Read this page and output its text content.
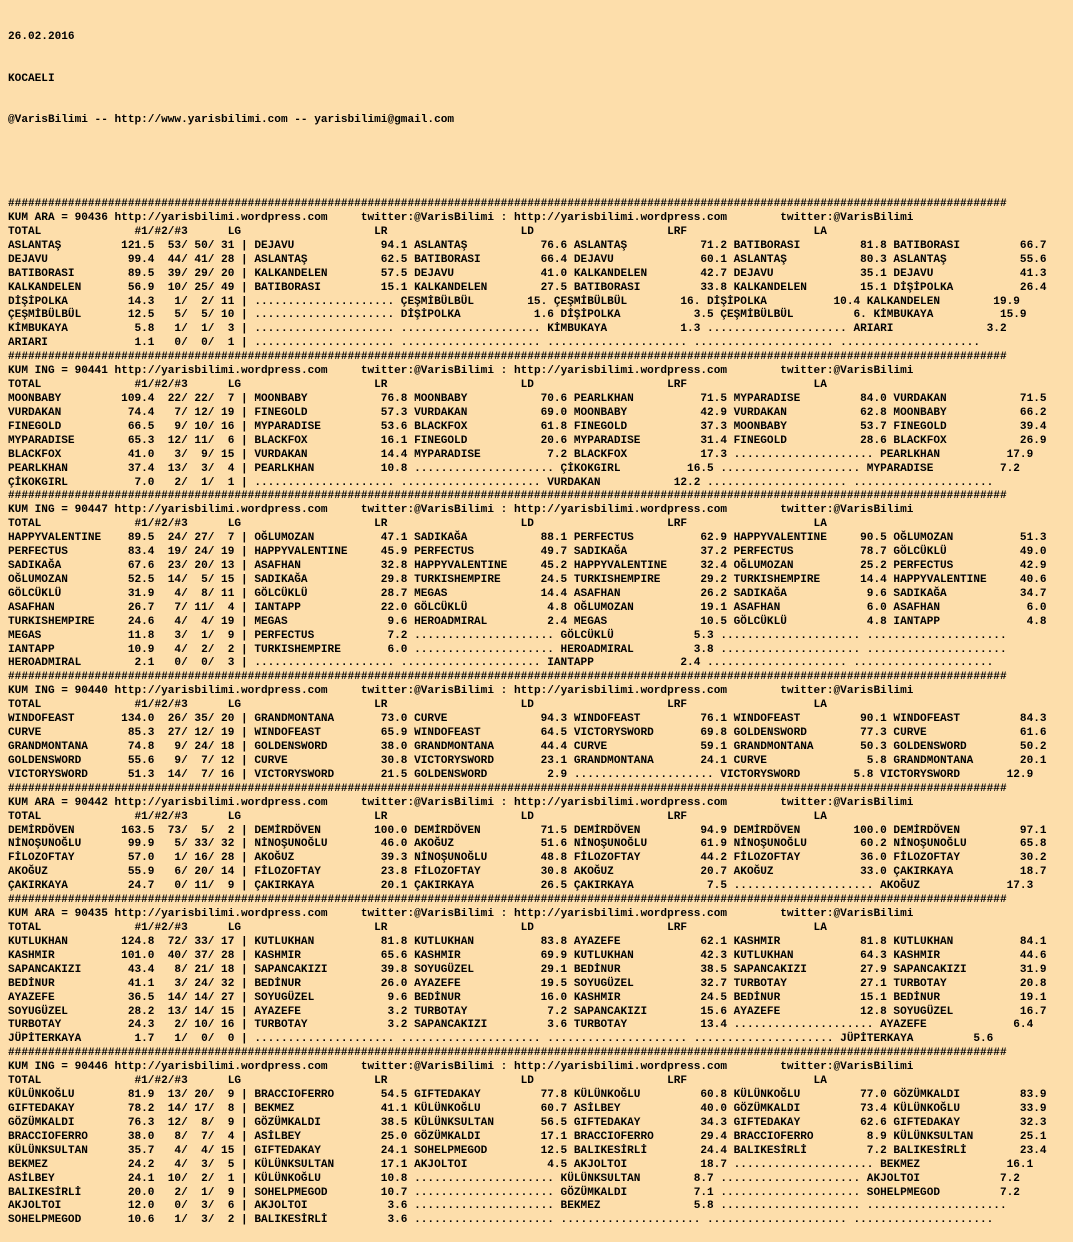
26.02.2016

KOCAELI

@VarisBilimi -- http://www.yarisbilimi.com -- yarisbilimi@gmail.com

######################################################################################################################################################
KUM ARA = 90436 http://yarisbilimi.wordpress.com     twitter:@VarisBilimi : http://yarisbilimi.wordpress.com        twitter:@VarisBilimi
TOTAL              #1/#2/#3      LG                    LR                    LD                    LRF                   LA
ASLANTAŞ         121.5  53/ 50/ 31 | DEJAVU             94.1 ASLANTAŞ           76.6 ASLANTAŞ           71.2 BATIBORASI         81.8 BATIBORASI         66.7
DEJAVU            99.4  44/ 41/ 28 | ASLANTAŞ           62.5 BATIBORASI         66.4 DEJAVU             60.1 ASLANTAŞ           80.3 ASLANTAŞ           55.6
BATIBORASI        89.5  39/ 29/ 20 | KALKANDELEN        57.5 DEJAVU             41.0 KALKANDELEN        42.7 DEJAVU             35.1 DEJAVU             41.3
KALKANDELEN       56.9  10/ 25/ 49 | BATIBORASI         15.1 KALKANDELEN        27.5 BATIBORASI         33.8 KALKANDELEN        15.1 DİŞİPOLKA          26.4
DİŞİPOLKA         14.3   1/  2/ 11 | ..................... ÇEŞMİBÜLBÜL        15. ÇEŞMİBÜLBÜL        16. DİŞİPOLKA          10.4 KALKANDELEN        19.9
ÇEŞMİBÜLBÜL       12.5   5/  5/ 10 | ..................... DİŞİPOLKA           1.6 DİŞİPOLKA           3.5 ÇEŞMİBÜLBÜL         6. KİMBUKAYA          15.9
KİMBUKAYA          5.8   1/  1/  3 | ..................... ..................... KİMBUKAYA           1.3 ..................... ARIARI              3.2
ARIARI             1.1   0/  0/  1 | ..................... ..................... ..................... ..................... .....................
######################################################################################################################################################
KUM ING = 90441 http://yarisbilimi.wordpress.com     twitter:@VarisBilimi : http://yarisbilimi.wordpress.com        twitter:@VarisBilimi
TOTAL              #1/#2/#3      LG                    LR                    LD                    LRF                   LA
MOONBABY         109.4  22/ 22/  7 | MOONBABY           76.8 MOONBABY           70.6 PEARLKHAN          71.5 MYPARADISE         84.0 VURDAKAN           71.5
VURDAKAN          74.4   7/ 12/ 19 | FINEGOLD           57.3 VURDAKAN           69.0 MOONBABY           42.9 VURDAKAN           62.8 MOONBABY           66.2
FINEGOLD          66.5   9/ 10/ 16 | MYPARADISE         53.6 BLACKFOX           61.8 FINEGOLD           37.3 MOONBABY           53.7 FINEGOLD           39.4
MYPARADISE        65.3  12/ 11/  6 | BLACKFOX           16.1 FINEGOLD           20.6 MYPARADISE         31.4 FINEGOLD           28.6 BLACKFOX           26.9
BLACKFOX          41.0   3/  9/ 15 | VURDAKAN           14.4 MYPARADISE          7.2 BLACKFOX           17.3 ..................... PEARLKHAN          17.9
PEARLKHAN         37.4  13/  3/  4 | PEARLKHAN          10.8 ..................... ÇİKOKGIRL          16.5 ..................... MYPARADISE          7.2
ÇİKOKGIRL          7.0   2/  1/  1 | ..................... ..................... VURDAKAN           12.2 ..................... .....................
######################################################################################################################################################
KUM ING = 90447 http://yarisbilimi.wordpress.com     twitter:@VarisBilimi : http://yarisbilimi.wordpress.com        twitter:@VarisBilimi
TOTAL              #1/#2/#3      LG                    LR                    LD                    LRF                   LA
HAPPYVALENTINE    89.5  24/ 27/  7 | OĞLUMOZAN          47.1 SADIKAĞA           88.1 PERFECTUS          62.9 HAPPYVALENTINE     90.5 OĞLUMOZAN          51.3
PERFECTUS         83.4  19/ 24/ 19 | HAPPYVALENTINE     45.9 PERFECTUS          49.7 SADIKAĞA           37.2 PERFECTUS          78.7 GÖLCÜKLÜ           49.0
SADIKAĞA          67.6  23/ 20/ 13 | ASAFHAN            32.8 HAPPYVALENTINE     45.2 HAPPYVALENTINE     32.4 OĞLUMOZAN          25.2 PERFECTUS          42.9
OĞLUMOZAN         52.5  14/  5/ 15 | SADIKAĞA           29.8 TURKISHEMPIRE      24.5 TURKISHEMPIRE      29.2 TURKISHEMPIRE      14.4 HAPPYVALENTINE     40.6
GÖLCÜKLÜ          31.9   4/  8/ 11 | GÖLCÜKLÜ           28.7 MEGAS              14.4 ASAFHAN            26.2 SADIKAĞA            9.6 SADIKAĞA           34.7
ASAFHAN           26.7   7/ 11/  4 | IANTAPP            22.0 GÖLCÜKLÜ            4.8 OĞLUMOZAN          19.1 ASAFHAN             6.0 ASAFHAN             6.0
TURKISHEMPIRE     24.6   4/  4/ 19 | MEGAS               9.6 HEROADMIRAL         2.4 MEGAS              10.5 GÖLCÜKLÜ            4.8 IANTAPP             4.8
MEGAS             11.8   3/  1/  9 | PERFECTUS           7.2 ..................... GÖLCÜKLÜ            5.3 ..................... .....................
IANTAPP           10.9   4/  2/  2 | TURKISHEMPIRE       6.0 ..................... HEROADMIRAL         3.8 ..................... .....................
HEROADMIRAL        2.1   0/  0/  3 | ..................... ..................... IANTAPP             2.4 ..................... .....................
######################################################################################################################################################
KUM ING = 90440 http://yarisbilimi.wordpress.com     twitter:@VarisBilimi : http://yarisbilimi.wordpress.com        twitter:@VarisBilimi
TOTAL              #1/#2/#3      LG                    LR                    LD                    LRF                   LA
WINDOFEAST       134.0  26/ 35/ 20 | GRANDMONTANA       73.0 CURVE              94.3 WINDOFEAST         76.1 WINDOFEAST         90.1 WINDOFEAST         84.3
CURVE             85.3  27/ 12/ 19 | WINDOFEAST         65.9 WINDOFEAST         64.5 VICTORYSWORD       69.8 GOLDENSWORD        77.3 CURVE              61.6
GRANDMONTANA      74.8   9/ 24/ 18 | GOLDENSWORD        38.0 GRANDMONTANA       44.4 CURVE              59.1 GRANDMONTANA       50.3 GOLDENSWORD        50.2
GOLDENSWORD       55.6   9/  7/ 12 | CURVE              30.8 VICTORYSWORD       23.1 GRANDMONTANA       24.1 CURVE               5.8 GRANDMONTANA       20.1
VICTORYSWORD      51.3  14/  7/ 16 | VICTORYSWORD       21.5 GOLDENSWORD         2.9 ..................... VICTORYSWORD        5.8 VICTORYSWORD       12.9
######################################################################################################################################################
KUM ARA = 90442 http://yarisbilimi.wordpress.com     twitter:@VarisBilimi : http://yarisbilimi.wordpress.com        twitter:@VarisBilimi
TOTAL              #1/#2/#3      LG                    LR                    LD                    LRF                   LA
DEMİRDÖVEN       163.5  73/  5/  2 | DEMİRDÖVEN        100.0 DEMİRDÖVEN         71.5 DEMİRDÖVEN         94.9 DEMİRDÖVEN        100.0 DEMİRDÖVEN         97.1
NİNOŞUNOĞLU       99.9   5/ 33/ 32 | NİNOŞUNOĞLU        46.0 AKOĞUZ             51.6 NİNOŞUNOĞLU        61.9 NİNOŞUNOĞLU        60.2 NİNOŞUNOĞLU        65.8
FİLOZOFTAY        57.0   1/ 16/ 28 | AKOĞUZ             39.3 NİNOŞUNOĞLU        48.8 FİLOZOFTAY         44.2 FİLOZOFTAY         36.0 FİLOZOFTAY         30.2
AKOĞUZ            55.9   6/ 20/ 14 | FİLOZOFTAY         23.8 FİLOZOFTAY         30.8 AKOĞUZ             20.7 AKOĞUZ             33.0 ÇAKIRKAYA          18.7
ÇAKIRKAYA         24.7   0/ 11/  9 | ÇAKIRKAYA          20.1 ÇAKIRKAYA          26.5 ÇAKIRKAYA           7.5 ..................... AKOĞUZ             17.3
######################################################################################################################################################
KUM ARA = 90435 http://yarisbilimi.wordpress.com     twitter:@VarisBilimi : http://yarisbilimi.wordpress.com        twitter:@VarisBilimi
TOTAL              #1/#2/#3      LG                    LR                    LD                    LRF                   LA
KUTLUKHAN        124.8  72/ 33/ 17 | KUTLUKHAN          81.8 KUTLUKHAN          83.8 AYAZEFE            62.1 KASHMIR            81.8 KUTLUKHAN          84.1
KASHMIR          101.0  40/ 37/ 28 | KASHMIR            65.6 KASHMIR            69.9 KUTLUKHAN          42.3 KUTLUKHAN          64.3 KASHMIR            44.6
SAPANCAKIZI       43.4   8/ 21/ 18 | SAPANCAKIZI        39.8 SOYUGÜZEL          29.1 BEDİNUR            38.5 SAPANCAKIZI        27.9 SAPANCAKIZI        31.9
BEDİNUR           41.1   3/ 24/ 32 | BEDİNUR            26.0 AYAZEFE            19.5 SOYUGÜZEL          32.7 TURBOTAY           27.1 TURBOTAY           20.8
AYAZEFE           36.5  14/ 14/ 27 | SOYUGÜZEL           9.6 BEDİNUR            16.0 KASHMIR            24.5 BEDİNUR            15.1 BEDİNUR            19.1
SOYUGÜZEL         28.2  13/ 14/ 15 | AYAZEFE             3.2 TURBOTAY            7.2 SAPANCAKIZI        15.6 AYAZEFE            12.8 SOYUGÜZEL          16.7
TURBOTAY          24.3   2/ 10/ 16 | TURBOTAY            3.2 SAPANCAKIZI         3.6 TURBOTAY           13.4 ..................... AYAZEFE             6.4
JÜPİTERKAYA        1.7   1/  0/  0 | ..................... ..................... ..................... ..................... JÜPİTERKAYA         5.6
######################################################################################################################################################
KUM ING = 90446 http://yarisbilimi.wordpress.com     twitter:@VarisBilimi : http://yarisbilimi.wordpress.com        twitter:@VarisBilimi
TOTAL              #1/#2/#3      LG                    LR                    LD                    LRF                   LA
KÜLÜNKOĞLU        81.9  13/ 20/  9 | BRACCIOFERRO       54.5 GIFTEDAKAY         77.8 KÜLÜNKOĞLU         60.8 KÜLÜNKOĞLU         77.0 GÖZÜMKALDI         83.9
GIFTEDAKAY        78.2  14/ 17/  8 | BEKMEZ             41.1 KÜLÜNKOĞLU         60.7 ASİLBEY            40.0 GÖZÜMKALDI         73.4 KÜLÜNKOĞLU         33.9
GÖZÜMKALDI        76.3  12/  8/  9 | GÖZÜMKALDI         38.5 KÜLÜNKSULTAN       56.5 GIFTEDAKAY         34.3 GIFTEDAKAY         62.6 GIFTEDAKAY         32.3
BRACCIOFERRO      38.0   8/  7/  4 | ASİLBEY            25.0 GÖZÜMKALDI         17.1 BRACCIOFERRO       29.4 BRACCIOFERRO        8.9 KÜLÜNKSULTAN       25.1
KÜLÜNKSULTAN      35.7   4/  4/ 15 | GIFTEDAKAY         24.1 SOHELPMEGOD        12.5 BALIKESİRLİ        24.4 BALIKESİRLİ         7.2 BALIKESİRLİ        23.4
BEKMEZ            24.2   4/  3/  5 | KÜLÜNKSULTAN       17.1 AKJOLTOI            4.5 AKJOLTOI           18.7 ..................... BEKMEZ             16.1
ASİLBEY           24.1  10/  2/  1 | KÜLÜNKOĞLU         10.8 ..................... KÜLÜNKSULTAN        8.7 ..................... AKJOLTOI            7.2
BALIKESİRLİ       20.0   2/  1/  9 | SOHELPMEGOD        10.7 ..................... GÖZÜMKALDI          7.1 ..................... SOHELPMEGOD         7.2
AKJOLTOI          12.0   0/  3/  6 | AKJOLTOI            3.6 ..................... BEKMEZ              5.8 ..................... .....................
SOHELPMEGOD       10.6   1/  3/  2 | BALIKESİRLİ         3.6 ..................... ..................... ..................... .....................
